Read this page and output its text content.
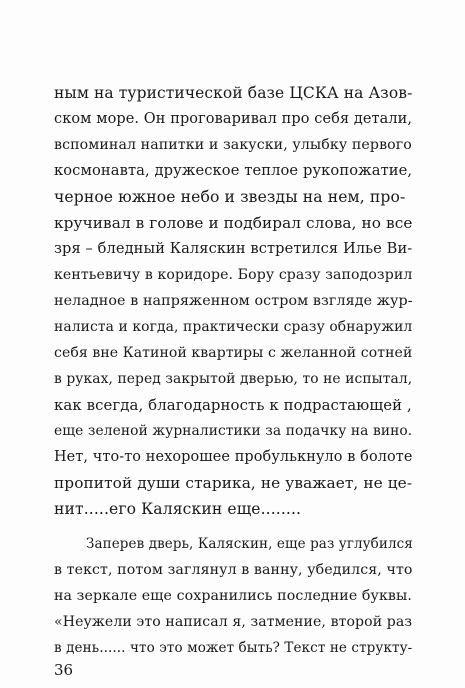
ным на туристической базе ЦСКА на Азов-
ском море. Он проговаривал про себя детали,
вспоминал напитки и закуски, улыбку первого
космонавта, дружеское теплое рукопожатие,
черное южное небо и звезды на нем, про-
кручивал в голове и подбирал слова, но все
зря – бледный Каляскин встретился Илье Ви-
кентьевичу в коридоре. Бору сразу заподозрил
неладное в напряженном остром взгляде жур-
налиста и когда, практически сразу обнаружил
себя вне Катиной квартиры с желанной сотней
в руках, перед закрытой дверью, то не испытал,
как всегда, благодарность к подрастающей ,
еще зеленой журналистики за подачку на вино.
Нет, что-то нехорошее пробулькнуло в болоте
пропитой души старика, не уважает, не це-
нит.....его Каляскин еще........
Заперев дверь, Каляскин, еще раз углубился
в текст, потом заглянул в ванну, убедился, что
на зеркале еще сохранились последние буквы.
«Неужели это написал я, затмение, второй раз
в день...... что это может быть? Текст не структу-
36
